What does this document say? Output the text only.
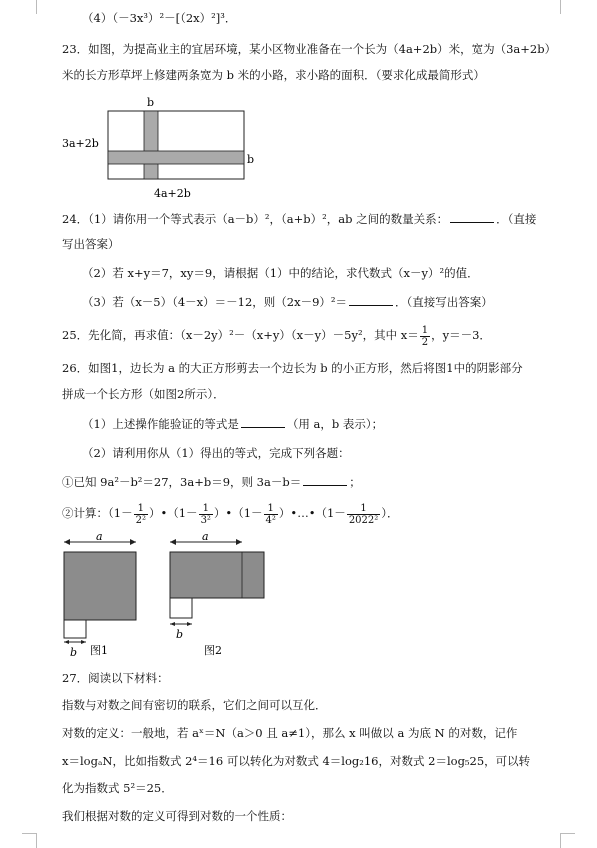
（4）（－3x³）²－[（2x）²]³．
23．如图，为提高业主的宜居环境，某小区物业准备在一个长为（4a+2b）米，宽为（3a+2b）
米的长方形草坪上修建两条宽为 b 米的小路，求小路的面积．（要求化成最简形式）
b
3a+2b
b
4a+2b
24．（1）请你用一个等式表示（a－b）²，（a+b）²，ab 之间的数量关系：	．（直接
写出答案）
（2）若 x+y＝7，xy＝9，请根据（1）中的结论，求代数式（x－y）²的值．
（3）若（x－5）（4－x）＝－12，则（2x－9）²＝	．（直接写出答案）
25．先化简，再求值：（x－2y）²－（x+y）（x－y）－5y²，其中 $x= \frac{1}{2}$ ，y＝－3．
26．如图1，边长为 a 的大正方形剪去一个边长为 b 的小正方形，然后将图1中的阴影部分
拼成一个长方形（如图2所示）．
（1）上述操作能验证的等式是	（用 a，b 表示）；
（2）请利用你从（1）得出的等式，完成下列各题：
①已知 9a²－b²＝27，3a+b＝9，则 3a－b＝	；
②计算：（$1- \frac{1}{\text{2²}}$ ）•（1－ $\frac{1}{\text{3²}}$ ）•（1－ $\frac{1}{\text{4²}}$ ）•…•（1－ $\frac{1}{\text{2022²}}$ ）．
a
b 图1
a
b
图2
27．阅读以下材料：
指数与对数之间有密切的联系，它们之间可以互化．
对数的定义：一般地，若 aˣ＝N（a＞0 且 a≠1），那么 x 叫做以 a 为底 N 的对数，记作
x＝logₐN，比如指数式 2⁴＝16 可以转化为对数式 4＝log₂16，对数式 2＝log₅25，可以转
化为指数式 5²＝25．
我们根据对数的定义可得到对数的一个性质：
